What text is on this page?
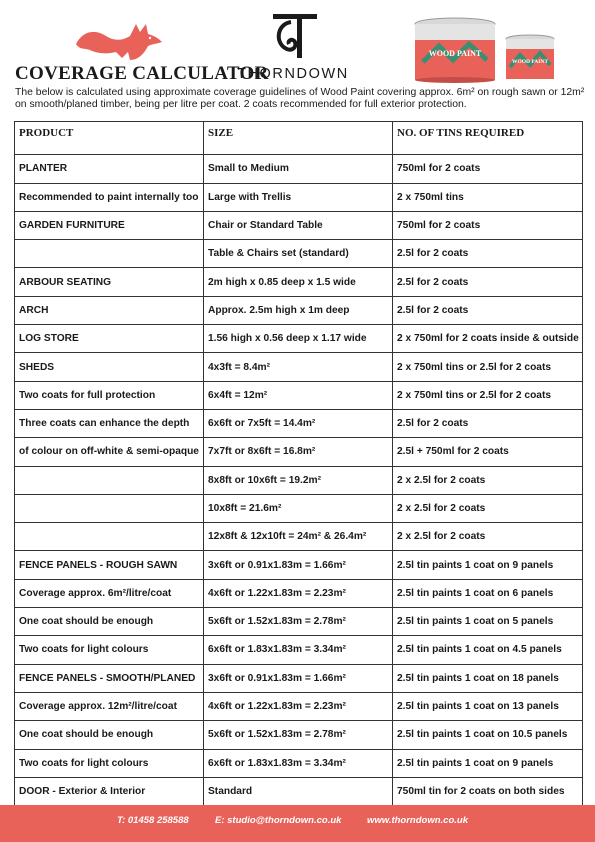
COVERAGE CALCULATOR
THORNDOWN
WOOD PAINT
WOOD PAINT
The below is calculated using approximate coverage guidelines of Wood Paint covering approx. 6m² on rough sawn or 12m² on smooth/planed timber, being per litre per coat. 2 coats recommended for full exterior protection.
PRODUCT	SIZE	NO. OF TINS REQUIRED
PLANTER	Small to Medium	750ml for 2 coats
Recommended to paint internally too	Large with Trellis	2 x 750ml tins
GARDEN FURNITURE	Chair or Standard Table	750ml for 2 coats
	Table & Chairs set (standard)	2.5l for 2 coats
ARBOUR SEATING	2m high x 0.85 deep x 1.5 wide	2.5l for 2 coats
ARCH	Approx. 2.5m high x 1m deep	2.5l for 2 coats
LOG STORE	1.56 high x 0.56 deep x 1.17 wide	2 x 750ml for 2 coats inside & outside
SHEDS	4x3ft = 8.4m²	2 x 750ml tins or 2.5l for 2 coats
Two coats for full protection	6x4ft = 12m²	2 x 750ml tins or 2.5l for 2 coats
Three coats can enhance the depth	6x6ft or 7x5ft = 14.4m²	2.5l for 2 coats
of colour on off-white & semi-opaque	7x7ft or 8x6ft = 16.8m²	2.5l + 750ml for 2 coats
	8x8ft or 10x6ft = 19.2m²	2 x 2.5l for 2 coats
	10x8ft = 21.6m²	2 x 2.5l for 2 coats
	12x8ft & 12x10ft = 24m² & 26.4m²	2 x 2.5l for 2 coats
FENCE PANELS - ROUGH SAWN	3x6ft or 0.91x1.83m = 1.66m²	2.5l tin paints 1 coat on 9 panels
Coverage approx. 6m²/litre/coat	4x6ft or 1.22x1.83m = 2.23m²	2.5l tin paints 1 coat on 6 panels
One coat should be enough	5x6ft or 1.52x1.83m = 2.78m²	2.5l tin paints 1 coat on 5 panels
Two coats for light colours	6x6ft or 1.83x1.83m = 3.34m²	2.5l tin paints 1 coat on 4.5 panels
FENCE PANELS - SMOOTH/PLANED	3x6ft or 0.91x1.83m = 1.66m²	2.5l tin paints 1 coat on 18 panels
Coverage approx. 12m²/litre/coat	4x6ft or 1.22x1.83m = 2.23m²	2.5l tin paints 1 coat on 13 panels
One coat should be enough	5x6ft or 1.52x1.83m = 2.78m²	2.5l tin paints 1 coat on 10.5 panels
Two coats for light colours	6x6ft or 1.83x1.83m = 3.34m²	2.5l tin paints 1 coat on 9 panels
DOOR - Exterior & Interior	Standard	750ml tin for 2 coats on both sides
T: 01458 258588	E: studio@thorndown.co.uk	www.thorndown.co.uk
